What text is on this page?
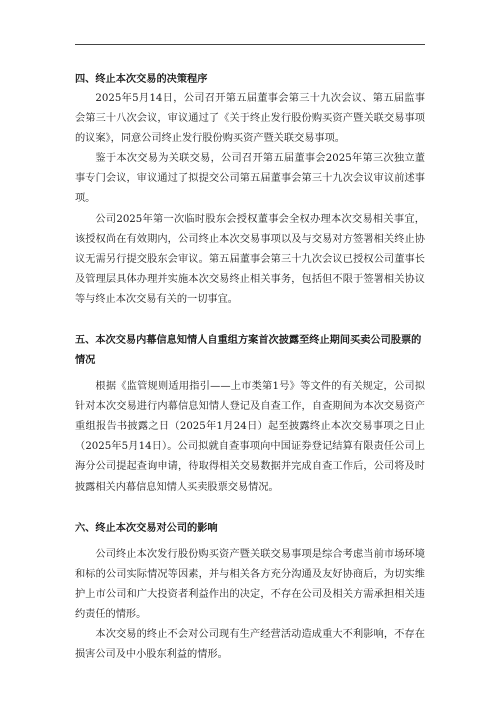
四、终止本次交易的决策程序

2025年5月14日，公司召开第五届董事会第三十九次会议、第五届监事会第三十八次会议，审议通过了《关于终止发行股份购买资产暨关联交易事项的议案》，同意公司终止发行股份购买资产暨关联交易事项。

鉴于本次交易为关联交易，公司召开第五届董事会2025年第三次独立董事专门会议，审议通过了拟提交公司第五届董事会第三十九次会议审议前述事项。

公司2025年第一次临时股东会授权董事会全权办理本次交易相关事宜，该授权尚在有效期内，公司终止本次交易事项以及与交易对方签署相关终止协议无需另行提交股东会审议。第五届董事会第三十九次会议已授权公司董事长及管理层具体办理并实施本次交易终止相关事务，包括但不限于签署相关协议等与终止本次交易有关的一切事宜。

五、本次交易内幕信息知情人自重组方案首次披露至终止期间买卖公司股票的情况

根据《监管规则适用指引——上市类第1号》等文件的有关规定，公司拟针对本次交易进行内幕信息知情人登记及自查工作，自查期间为本次交易资产重组报告书披露之日（2025年1月24日）起至披露终止本次交易事项之日止（2025年5月14日）。公司拟就自查事项向中国证券登记结算有限责任公司上海分公司提起查询申请，待取得相关交易数据并完成自查工作后，公司将及时披露相关内幕信息知情人买卖股票交易情况。

六、终止本次交易对公司的影响

公司终止本次发行股份购买资产暨关联交易事项是综合考虑当前市场环境和标的公司实际情况等因素，并与相关各方充分沟通及友好协商后，为切实维护上市公司和广大投资者利益作出的决定，不存在公司及相关方需承担相关违约责任的情形。

本次交易的终止不会对公司现有生产经营活动造成重大不利影响，不存在损害公司及中小股东利益的情形。
